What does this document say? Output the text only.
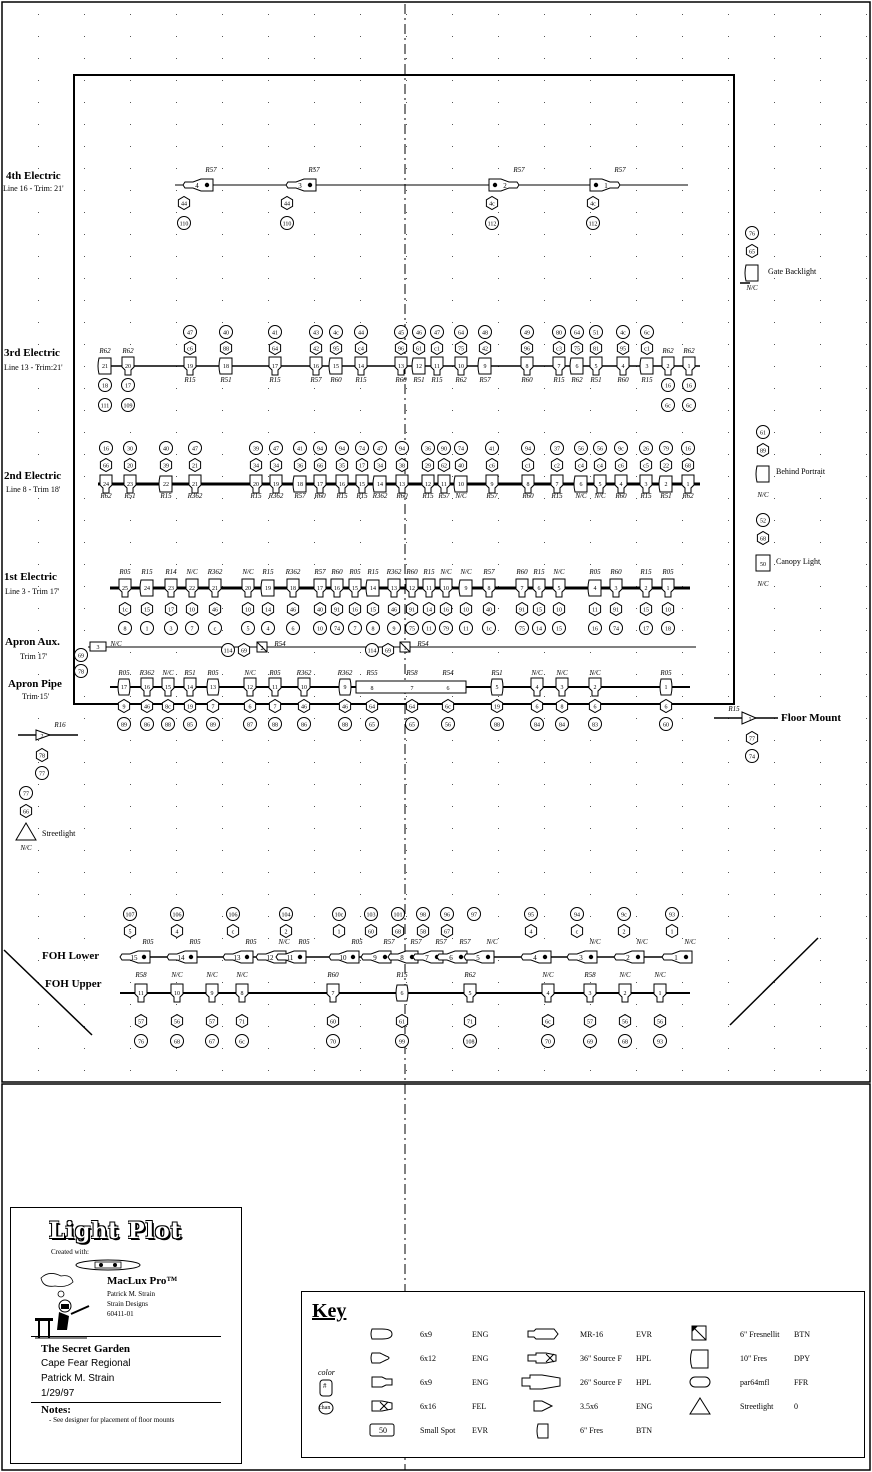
4
R57
44
110
3
R57
44
110
2
R57
4c
112
1
R57
4c
112
21
R62
18
111
20
R62
17
109
19
47
c6
R15
18
40
88
R51
17
41
64
R15
16
43
42
R57
15
4c
95
R60
14
44
c4
R15
13
45
96
R60
12
46
61
R51
11
47
c1
R15
10
64
75
R62
9
48
42
R57
8
49
96
R60
7
80
c3
R15
6
64
75
R62
5
51
81
R51
4
4c
95
R60
3
6c
c1
R15
2
R62
16
6c
1
R62
16
6c
24
16
66
R62
23
30
20
R51
22
40
39
R15
21
47
21
R362
20
39
34
R15
19
47
34
R362
18
41
36
R57
17
94
66
R60
16
94
35
R15
15
74
17
R15
14
47
34
R362
13
94
38
R60
12
36
29
R15
11
90
62
R57
10
74
40
N/C
9
41
c6
R57
8
94
c1
R60
7
37
c2
R15
6
56
c4
N/C
5
56
c4
N/C
4
9c
c6
R60
3
26
c5
R15
2
79
22
R51
1
16
68
R62
25
1c
8
R05
24
15
1
R15
23
17
3
R14
22
10
7
N/C
21
46
c
R362
20
10
5
N/C
19
14
4
R15
18
46
6
R362
17
40
10
R57
16
91
74
R60
15
16
7
R05
14
15
8
R15
13
46
9
R362
12
91
75
R60
11
14
11
R15
10
16
79
N/C
9
10
11
N/C
8
40
1c
R57
7
91
75
R60
6
15
14
R15
5
10
15
N/C
4
11
16
R05
3
91
74
R60
2
15
17
R15
1
10
18
R05
3 N/C
2
R54
1
R54
69
78
114 69	114 69
17
R05
9
89
16
R362
46
86
15
N/C
8c
88
14
R51
19
85
13
R05
7
89
12
N/C
6
87
11
R05
7
88
10
R362
46
86
9
R362
46
88
8
R55
64
65
7
R58
64
65
6
R54
6c
56
5
R51
19
88
4
N/C
6
84
3
N/C
8
84
2
N/C
6
83
1
R05
6
60
76
65
N/C
61
89
N/C
52
68
50
N/C
1
R15
77
74
2
R16
78
77
77
66
N/C
15
R05
107
5
14
R05
106
4
13
R05
106
c
12
N/C
11
R05
104
2
10
R05
10c
1
9
R57
103
60
8
R57
101
68
7
R57
98
58
6
R57
96
67
5
N/C
97
4
95
4
3
N/C
94
c
2
N/C
9c
2
1
N/C
93
1
11
R58
57
76
10
N/C
56
68
9
N/C
57
67
8
N/C
71
6c
7
R60
60
70
6
R15
61
99
5
R62
71
108
4
N/C
6c
70
3
R58
57
69
2
N/C
56
68
1
N/C
56
93
4th Electric
Line 16 - Trim: 21'
3rd Electric
Line 13 - Trim:21'
2nd Electric
Line 8 - Trim 18'
1st Electric
Line 3 - Trim 17'
Apron Aux.
Trim 17'
Apron Pipe
Trim 15'
FOH Lower
FOH Upper
Gate Backlight
Behind Portrait
Canopy Light
Floor Mount
Streetlight
Light Plot
Created with:
MacLux Pro™
Patrick M. Strain
Strain Designs
60411-01
The Secret Garden
Cape Fear Regional
Patrick M. Strain
1/29/97
Notes:
- See designer for placement of floor mounts
Key
color
#
chan
6x9	ENG
6x12	ENG
6x9	ENG
6x16	FEL
50	Small Spot EVR
MR-16	EVR
36" Source F HPL
26" Source F HPL
3.5x6	ENG
6" Fres	BTN
6" Fresnellit BTN
10" Fres	DPY
par64mfl	FFR
Streetlight	0
